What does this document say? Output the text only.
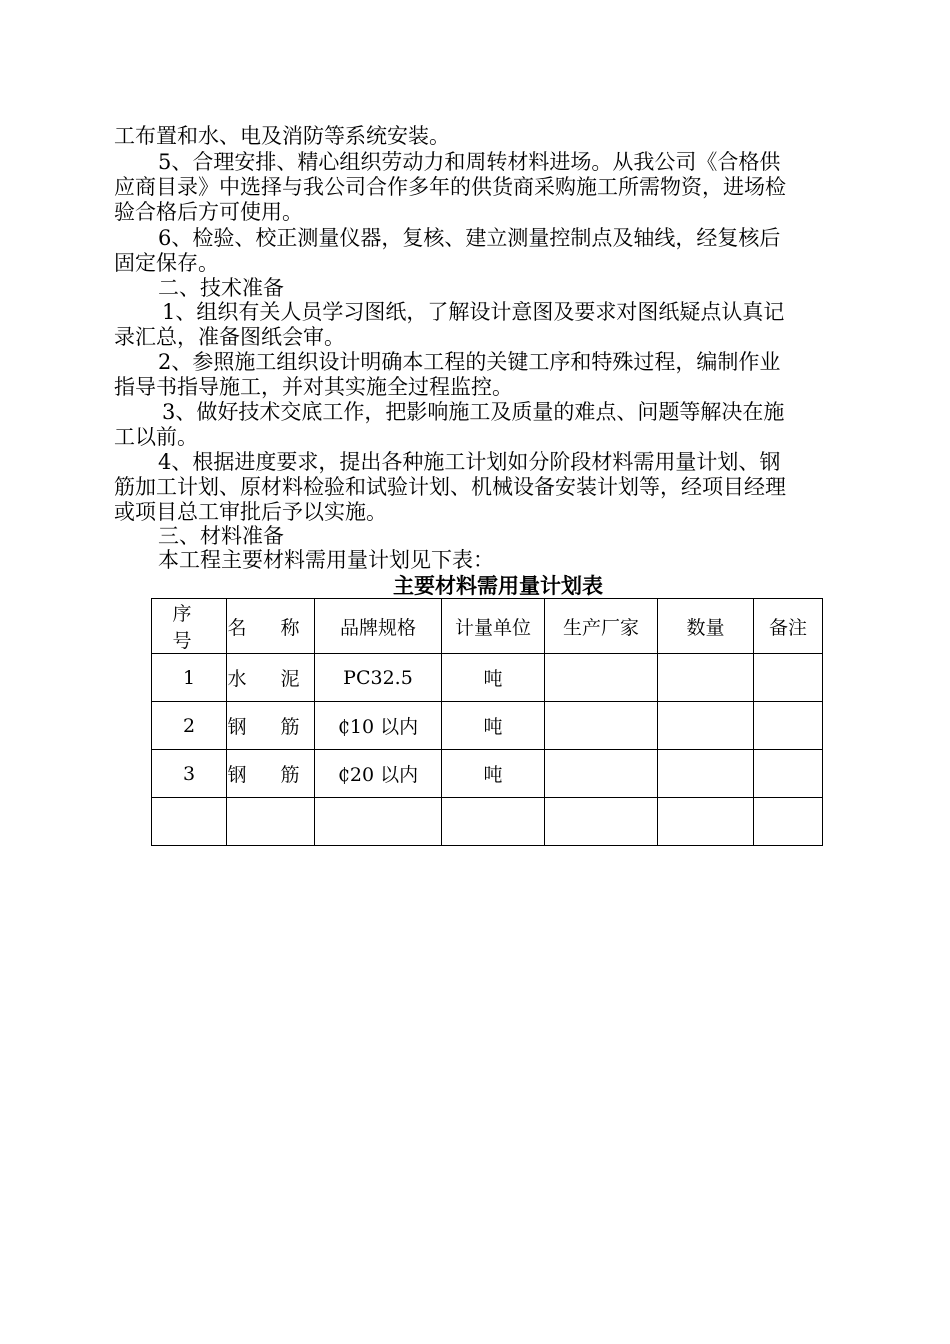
工布置和水、电及消防等系统安装。
5、合理安排、精心组织劳动力和周转材料进场。从我公司《合格供
应商目录》中选择与我公司合作多年的供货商采购施工所需物资，进场检
验合格后方可使用。
6、检验、校正测量仪器，复核、建立测量控制点及轴线，经复核后
固定保存。
二、技术准备
1、组织有关人员学习图纸，了解设计意图及要求对图纸疑点认真记
录汇总，准备图纸会审。
2、参照施工组织设计明确本工程的关键工序和特殊过程，编制作业
指导书指导施工，并对其实施全过程监控。
3、做好技术交底工作，把影响施工及质量的难点、问题等解决在施
工以前。
4、根据进度要求，提出各种施工计划如分阶段材料需用量计划、钢
筋加工计划、原材料检验和试验计划、机械设备安装计划等，经项目经理
或项目总工审批后予以实施。
三、材料准备
本工程主要材料需用量计划见下表：
主要材料需用量计划表
序 号	名 称	品牌规格	计量单位	生产厂家	数量	备注
1	水 泥	PC32.5	吨			
2	钢 筋	₵10 以内	吨			
3	钢 筋	₵20 以内	吨			
